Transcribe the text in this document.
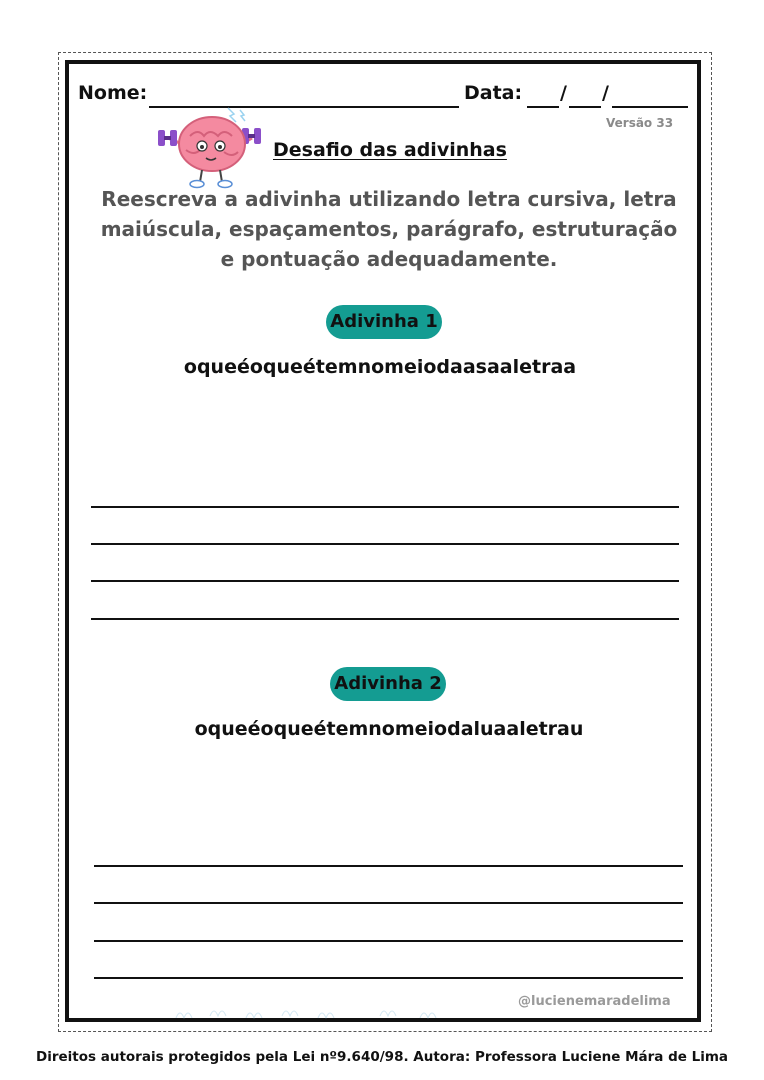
Nome:	Data: / /
Versão 33
Desafio das adivinhas
Reescreva a adivinha utilizando letra cursiva, letra maiúscula, espaçamentos, parágrafo, estruturação e pontuação adequadamente.
Adivinha 1
oqueéoqueétemnomeiodaasaaletraa
Adivinha 2
oqueéoqueétemnomeiodaluaaletrau
@lucienemaradelima
Direitos autorais protegidos pela Lei nº9.640/98. Autora: Professora Luciene Mára de Lima
